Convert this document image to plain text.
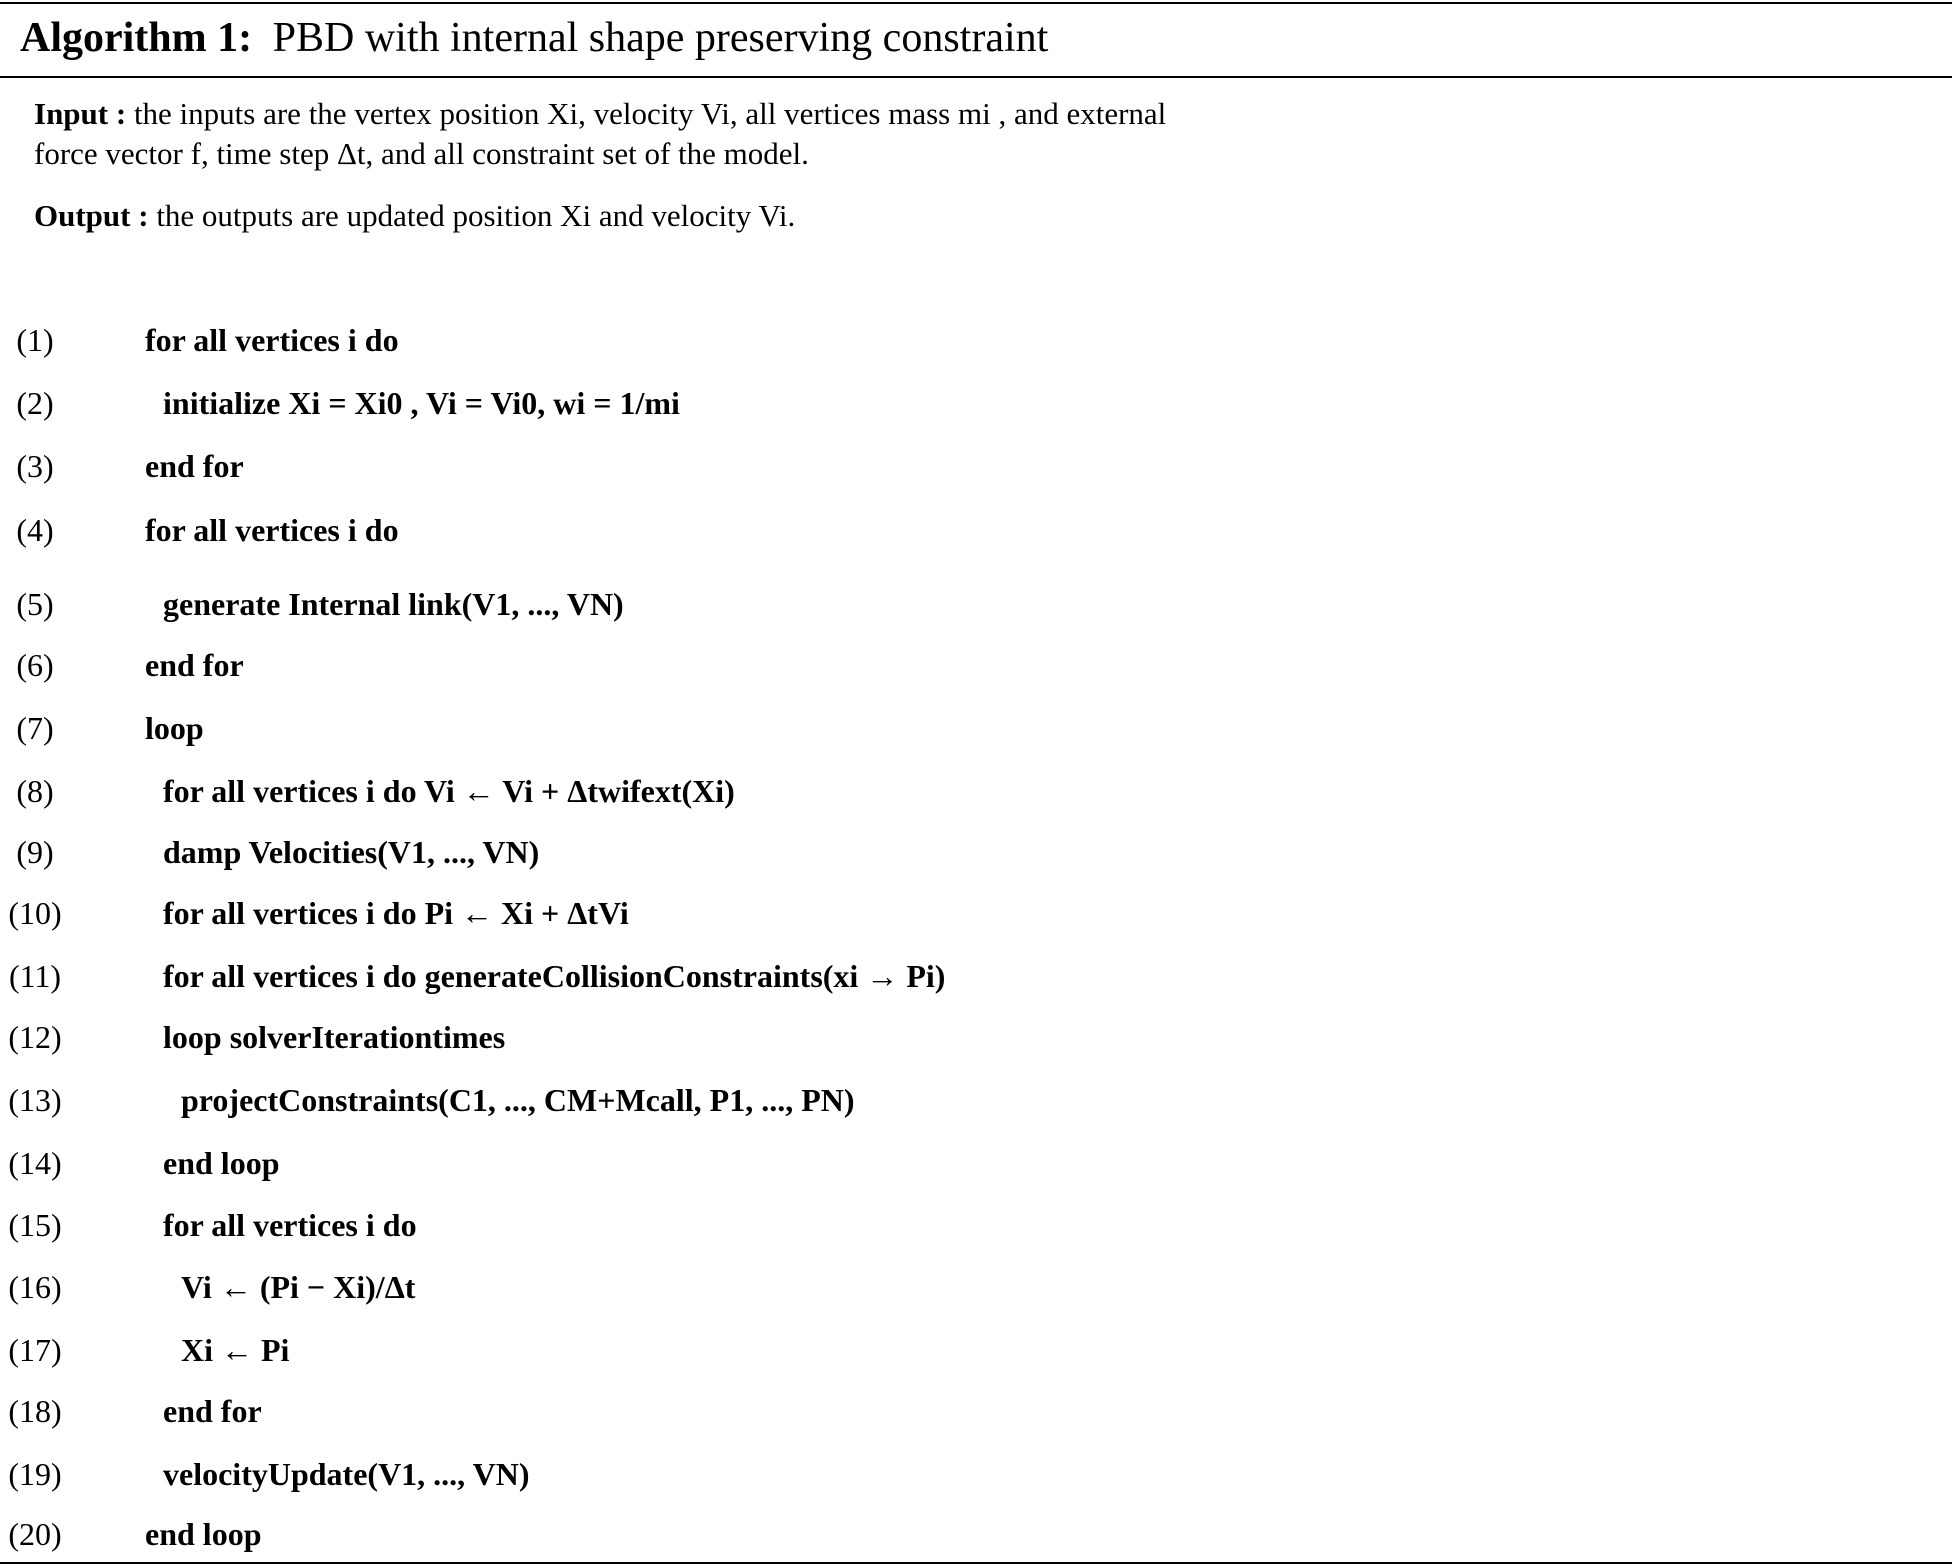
Algorithm 1: PBD with internal shape preserving constraint
Input : the inputs are the vertex position Xi, velocity Vi, all vertices mass mi , and external
force vector f, time step Δt, and all constraint set of the model.
Output : the outputs are updated position Xi and velocity Vi.
(1)	for all vertices i do
(2)	initialize Xi = Xi0 , Vi = Vi0, wi = 1/mi
(3)	end for
(4)	for all vertices i do
(5)	generate Internal link(V1, ..., VN)
(6)	end for
(7)	loop
(8)	for all vertices i do Vi ← Vi + Δtwifext(Xi)
(9)	damp Velocities(V1, ..., VN)
(10)	for all vertices i do Pi ← Xi + ΔtVi
(11)	for all vertices i do generateCollisionConstraints(xi → Pi)
(12)	loop solverIterationtimes
(13)	projectConstraints(C1, ..., CM+Mcall, P1, ..., PN)
(14)	end loop
(15)	for all vertices i do
(16)	Vi ← (Pi − Xi)/Δt
(17)	Xi ← Pi
(18)	end for
(19)	velocityUpdate(V1, ..., VN)
(20)	end loop
